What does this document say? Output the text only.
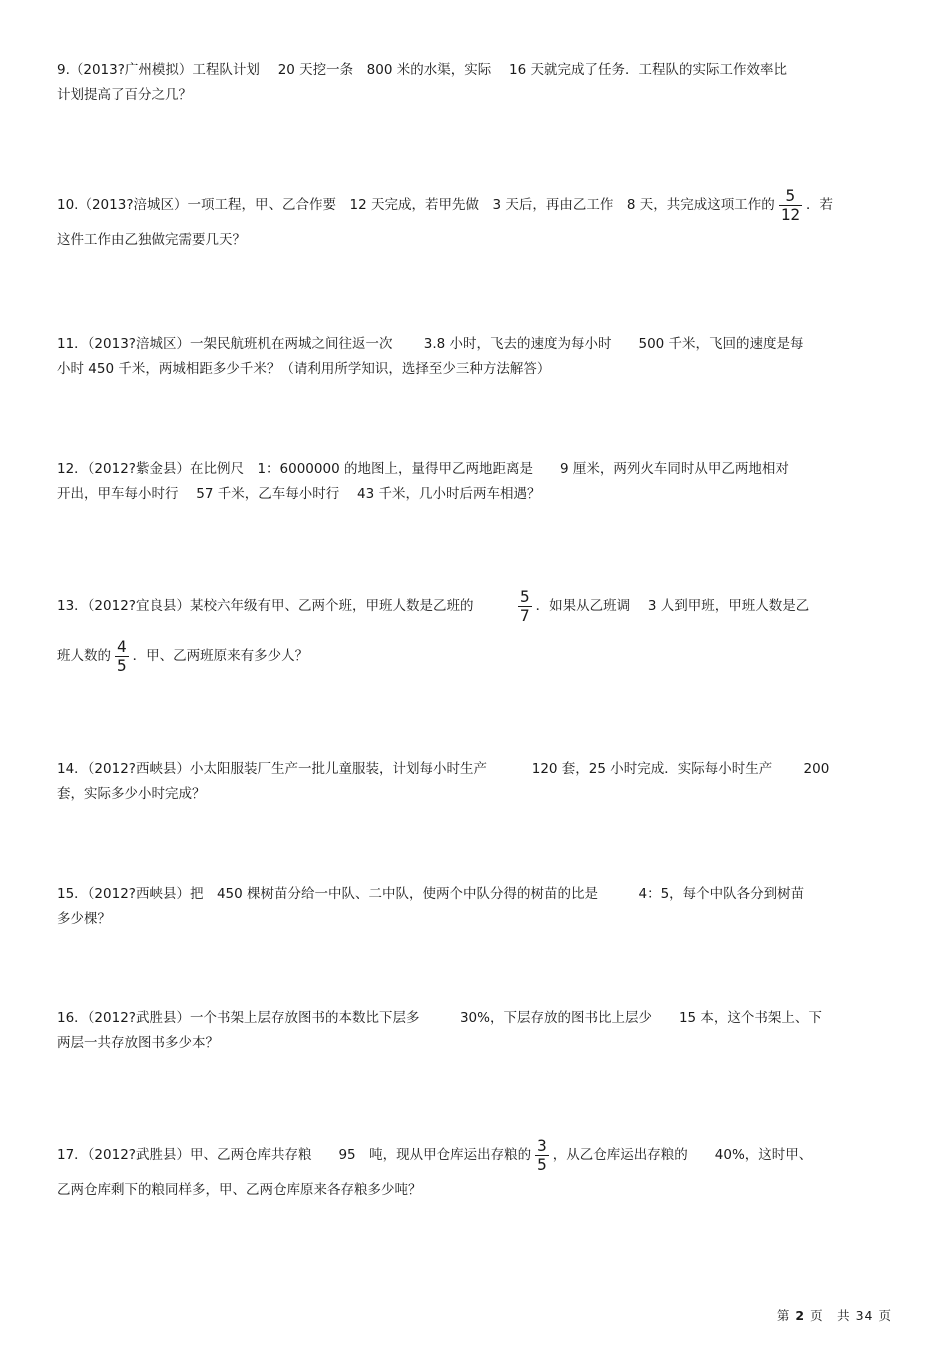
9.（2013?广州模拟）工程队计划　 20 天挖一条　800 米的水渠，实际　 16 天就完成了任务．工程队的实际工作效率比
计划提高了百分之几？
10.（2013?涪城区）一项工程，甲、乙合作要　12 天完成，若甲先做　3 天后，再由乙工作　8 天，共完成这项工作的 $\frac{5}{12}$ ．若
这件工作由乙独做完需要几天？
11．（2013?涪城区）一架民航班机在两城之间往返一次　　 3.8 小时，飞去的速度为每小时　　500 千米，飞回的速度是每
小时 450 千米，两城相距多少千米？（请利用所学知识，选择至少三种方法解答）
12．（2012?紫金县）在比例尺　1：6000000 的地图上，量得甲乙两地距离是　　9 厘米，两列火车同时从甲乙两地相对
开出，甲车每小时行　 57 千米，乙车每小时行　 43 千米，几小时后两车相遇？
13．（2012?宜良县）某校六年级有甲、乙两个班，甲班人数是乙班的　　　 $\frac{5}{7}$ ．如果从乙班调　 3 人到甲班，甲班人数是乙
班人数的 $\frac{4}{5}$ ．甲、乙两班原来有多少人？
14．（2012?西峡县）小太阳服装厂生产一批儿童服装，计划每小时生产　　　 120 套，25 小时完成．实际每小时生产　　 200
套，实际多少小时完成？
15．（2012?西峡县）把　450 棵树苗分给一中队、二中队，使两个中队分得的树苗的比是　　　4：5，每个中队各分到树苗
多少棵？
16．（2012?武胜县）一个书架上层存放图书的本数比下层多　　　30%，下层存放的图书比上层少　　15 本，这个书架上、下
两层一共存放图书多少本？
17．（2012?武胜县）甲、乙两仓库共存粮　　95　吨，现从甲仓库运出存粮的 $\frac{3}{5}$ ，从乙仓库运出存粮的　　40%，这时甲、
乙两仓库剩下的粮同样多，甲、乙两仓库原来各存粮多少吨？
第 2 页　共 34 页
